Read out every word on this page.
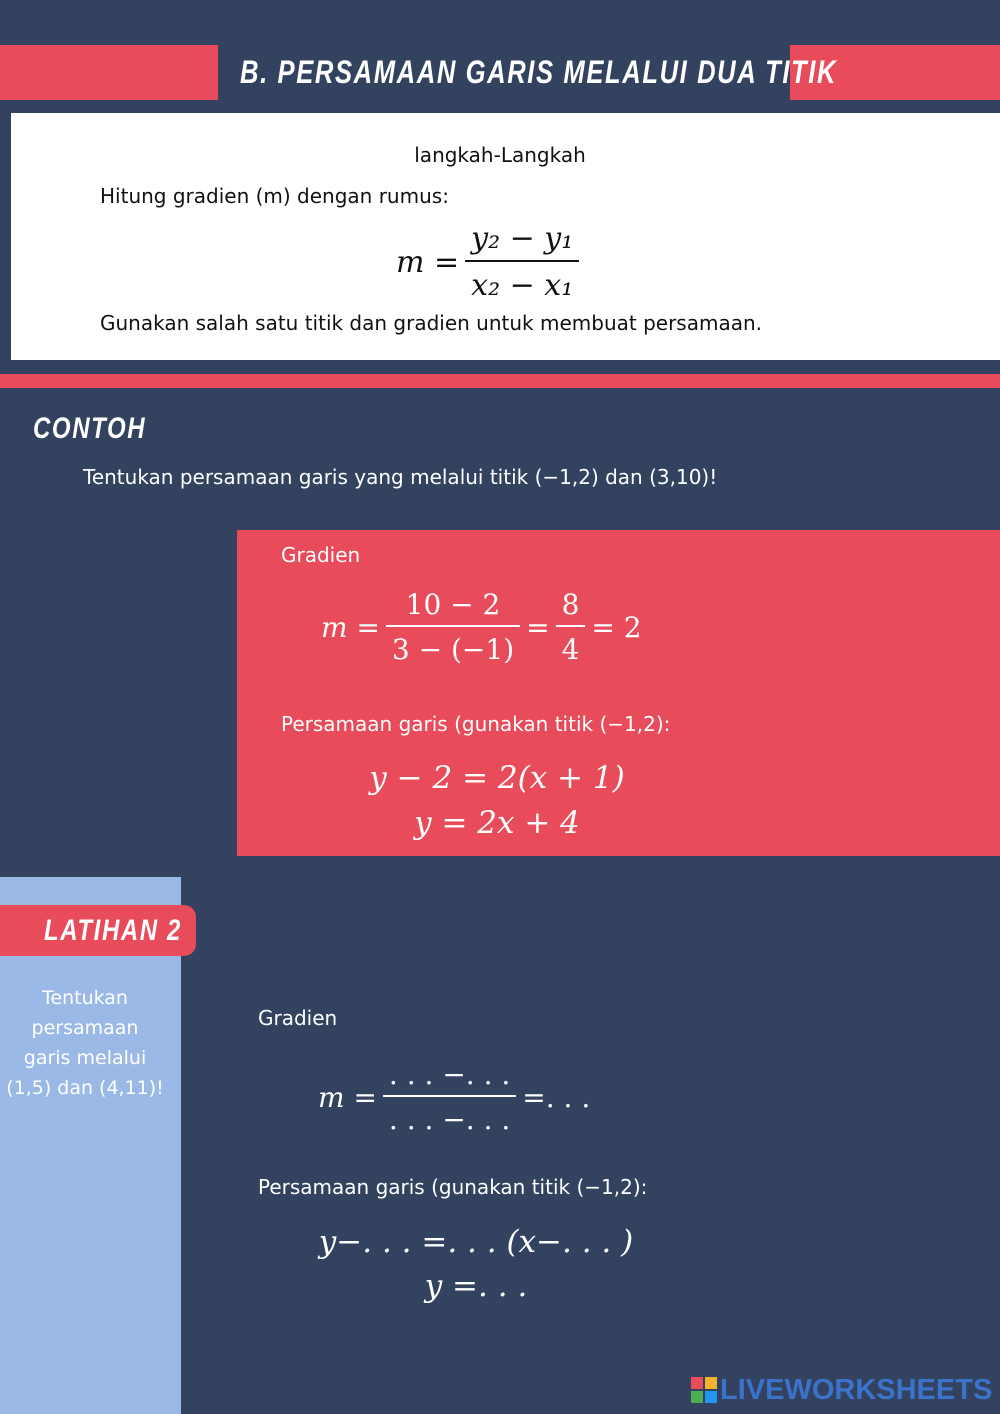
B. PERSAMAAN GARIS MELALUI DUA TITIK
langkah-Langkah
Hitung gradien (m) dengan rumus:
$m = \frac{\text{y₂ − y₁}}{\text{x₂ − x₁}}$
Gunakan salah satu titik dan gradien untuk membuat persamaan.
CONTOH
Tentukan persamaan garis yang melalui titik (−1,2) dan (3,10)!
Gradien
$m = \frac{10 - 2}{3 - (-1)} = \frac{8}{4} = 2$
Persamaan garis (gunakan titik (−1,2):
y − 2 = 2(x + 1)
y = 2x + 4
LATIHAN 2
Tentukan persamaan garis melalui (1,5) dan (4,11)!
Gradien
$m = \frac{. . . -. . .}{. . . -. . .}$ =. . .
Persamaan garis (gunakan titik (−1,2):
y−. . . =. . . (x−. . . )
y =. . .
LIVEWORKSHEETS
